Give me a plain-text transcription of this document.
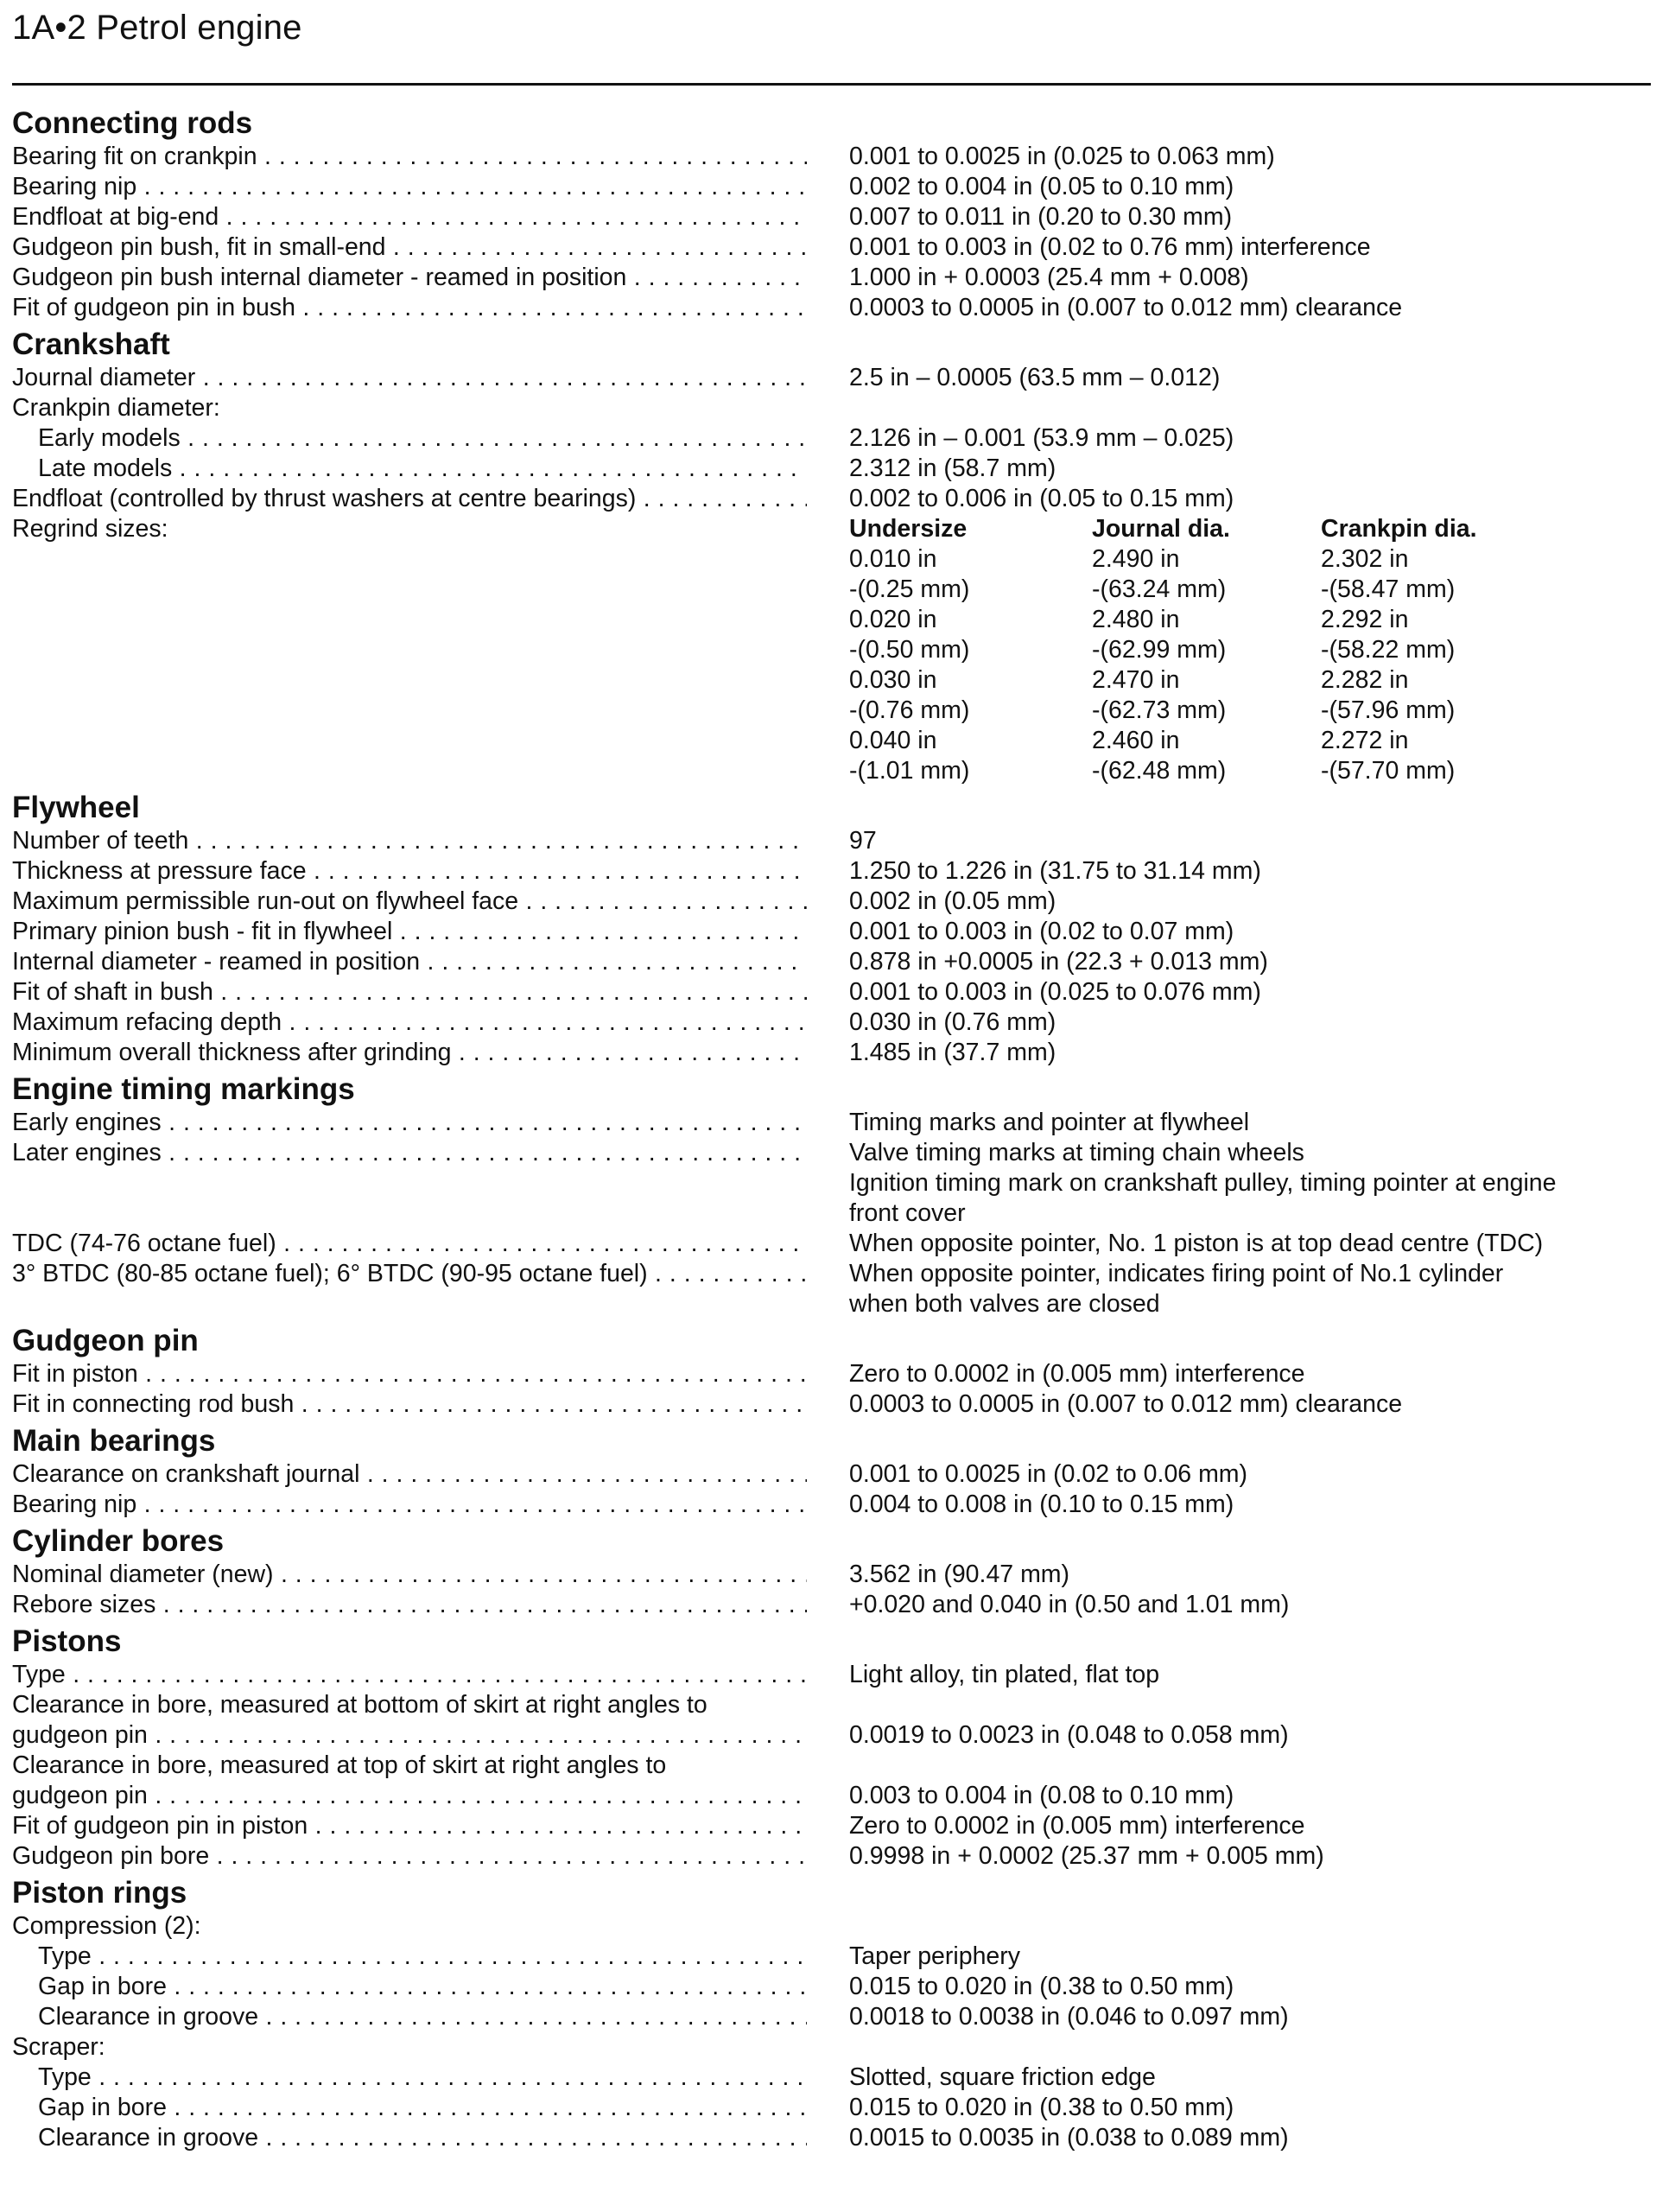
1A•2 Petrol engine
Connecting rods
Bearing fit on crankpin . . .	0.001 to 0.0025 in (0.025 to 0.063 mm)
Bearing nip . . .	0.002 to 0.004 in (0.05 to 0.10 mm)
Endfloat at big-end . . .	0.007 to 0.011 in (0.20 to 0.30 mm)
Gudgeon pin bush, fit in small-end . . .	0.001 to 0.003 in (0.02 to 0.76 mm) interference
Gudgeon pin bush internal diameter - reamed in position . . .	1.000 in + 0.0003 (25.4 mm + 0.008)
Fit of gudgeon pin in bush . . .	0.0003 to 0.0005 in (0.007 to 0.012 mm) clearance
Crankshaft
Journal diameter . . .	2.5 in – 0.0005 (63.5 mm – 0.012)
Crankpin diameter:
Early models . . .	2.126 in – 0.001 (53.9 mm – 0.025)
Late models . . .	2.312 in (58.7 mm)
Endfloat (controlled by thrust washers at centre bearings) . . .	0.002 to 0.006 in (0.05 to 0.15 mm)
Regrind sizes:	Undersize	Journal dia.	Crankpin dia.
0.010 in	2.490 in	2.302 in
-(0.25 mm)	-(63.24 mm)	-(58.47 mm)
0.020 in	2.480 in	2.292 in
-(0.50 mm)	-(62.99 mm)	-(58.22 mm)
0.030 in	2.470 in	2.282 in
-(0.76 mm)	-(62.73 mm)	-(57.96 mm)
0.040 in	2.460 in	2.272 in
-(1.01 mm)	-(62.48 mm)	-(57.70 mm)
Flywheel
Number of teeth . . .	97
Thickness at pressure face . . .	1.250 to 1.226 in (31.75 to 31.14 mm)
Maximum permissible run-out on flywheel face . . .	0.002 in (0.05 mm)
Primary pinion bush - fit in flywheel . . .	0.001 to 0.003 in (0.02 to 0.07 mm)
Internal diameter - reamed in position . . .	0.878 in +0.0005 in (22.3 + 0.013 mm)
Fit of shaft in bush . . .	0.001 to 0.003 in (0.025 to 0.076 mm)
Maximum refacing depth . . .	0.030 in (0.76 mm)
Minimum overall thickness after grinding . . .	1.485 in (37.7 mm)
Engine timing markings
Early engines . . .	Timing marks and pointer at flywheel
Later engines . . .	Valve timing marks at timing chain wheels
Ignition timing mark on crankshaft pulley, timing pointer at engine
front cover
TDC (74-76 octane fuel) . . .	When opposite pointer, No. 1 piston is at top dead centre (TDC)
3° BTDC (80-85 octane fuel); 6° BTDC (90-95 octane fuel) . . .	When opposite pointer, indicates firing point of No.1 cylinder
when both valves are closed
Gudgeon pin
Fit in piston . . .	Zero to 0.0002 in (0.005 mm) interference
Fit in connecting rod bush . . .	0.0003 to 0.0005 in (0.007 to 0.012 mm) clearance
Main bearings
Clearance on crankshaft journal . . .	0.001 to 0.0025 in (0.02 to 0.06 mm)
Bearing nip . . .	0.004 to 0.008 in (0.10 to 0.15 mm)
Cylinder bores
Nominal diameter (new) . . .	3.562 in (90.47 mm)
Rebore sizes . . .	+0.020 and 0.040 in (0.50 and 1.01 mm)
Pistons
Type . . .	Light alloy, tin plated, flat top
Clearance in bore, measured at bottom of skirt at right angles to
gudgeon pin . . .	0.0019 to 0.0023 in (0.048 to 0.058 mm)
Clearance in bore, measured at top of skirt at right angles to
gudgeon pin . . .	0.003 to 0.004 in (0.08 to 0.10 mm)
Fit of gudgeon pin in piston . . .	Zero to 0.0002 in (0.005 mm) interference
Gudgeon pin bore . . .	0.9998 in + 0.0002 (25.37 mm + 0.005 mm)
Piston rings
Compression (2):
Type . . .	Taper periphery
Gap in bore . . .	0.015 to 0.020 in (0.38 to 0.50 mm)
Clearance in groove . . .	0.0018 to 0.0038 in (0.046 to 0.097 mm)
Scraper:
Type . . .	Slotted, square friction edge
Gap in bore . . .	0.015 to 0.020 in (0.38 to 0.50 mm)
Clearance in groove . . .	0.0015 to 0.0035 in (0.038 to 0.089 mm)
